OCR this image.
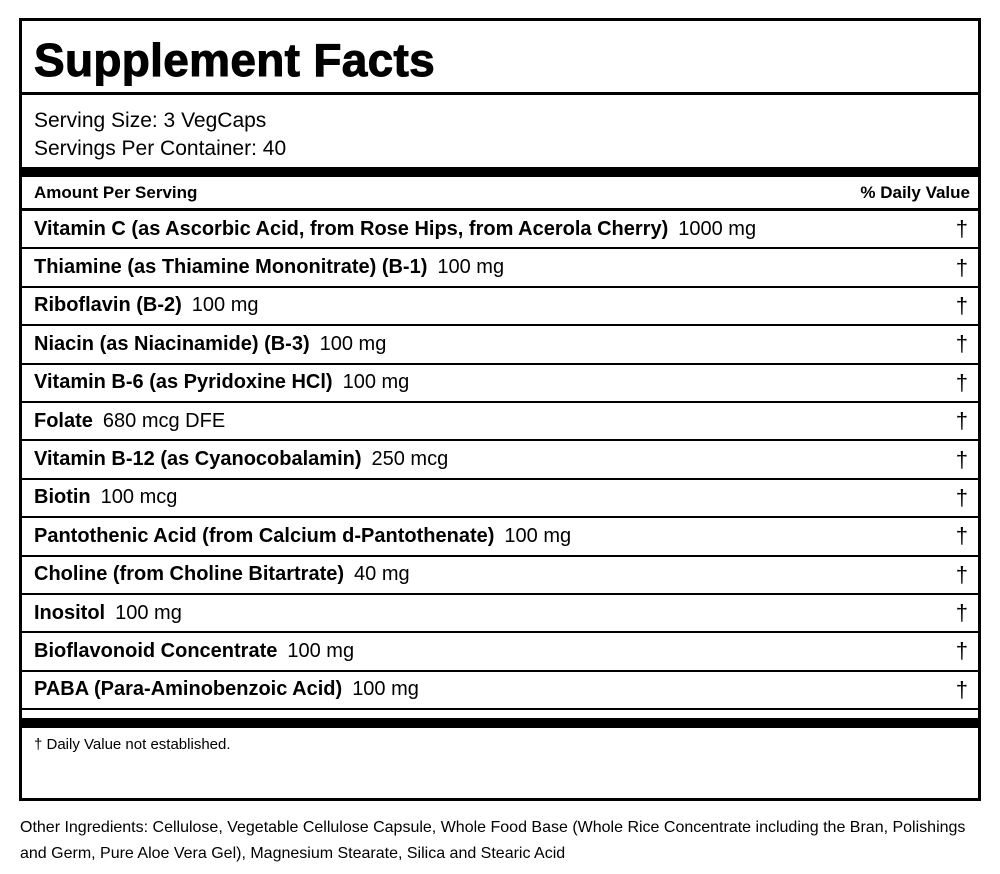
Supplement Facts
Serving Size: 3 VegCaps
Servings Per Container: 40
Amount Per Serving	% Daily Value
Vitamin C (as Ascorbic Acid, from Rose Hips, from Acerola Cherry) 1000 mg	†
Thiamine (as Thiamine Mononitrate) (B-1) 100 mg	†
Riboflavin (B-2) 100 mg	†
Niacin (as Niacinamide) (B-3) 100 mg	†
Vitamin B-6 (as Pyridoxine HCl) 100 mg	†
Folate 680 mcg DFE	†
Vitamin B-12 (as Cyanocobalamin) 250 mcg	†
Biotin 100 mcg	†
Pantothenic Acid (from Calcium d-Pantothenate) 100 mg	†
Choline (from Choline Bitartrate) 40 mg	†
Inositol 100 mg	†
Bioflavonoid Concentrate 100 mg	†
PABA (Para-Aminobenzoic Acid) 100 mg	†
† Daily Value not established.
Other Ingredients: Cellulose, Vegetable Cellulose Capsule, Whole Food Base (Whole Rice Concentrate including the Bran, Polishings and Germ, Pure Aloe Vera Gel), Magnesium Stearate, Silica and Stearic Acid
